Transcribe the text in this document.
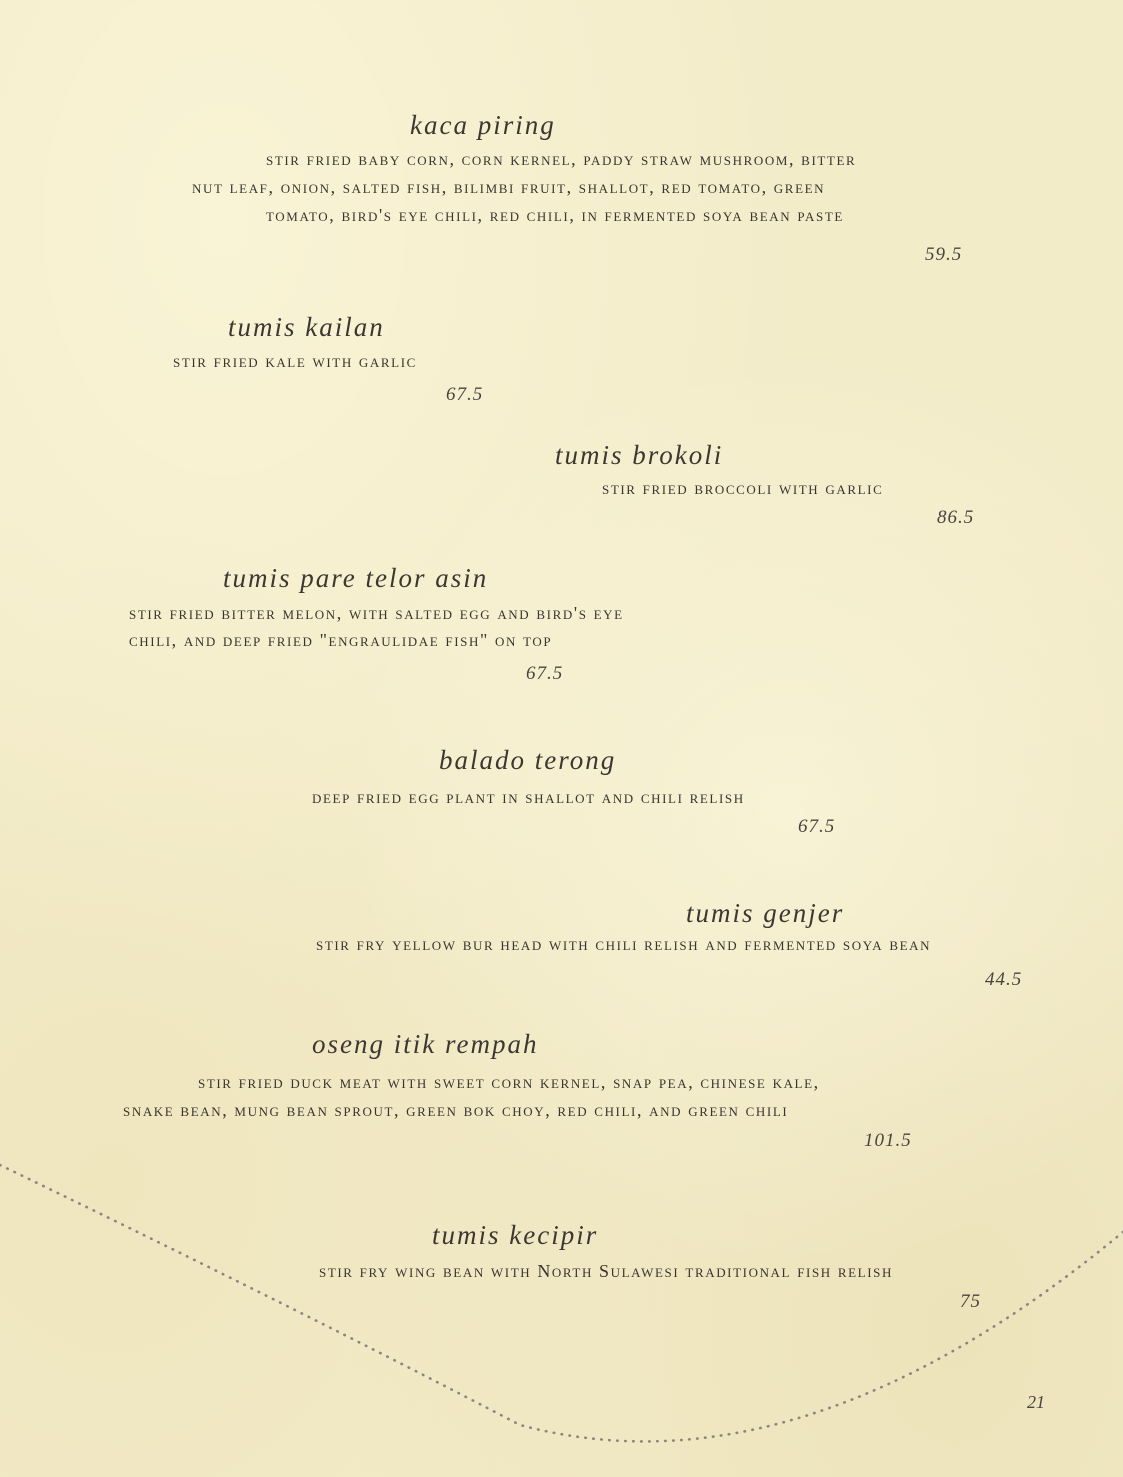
kaca piring
stir fried baby corn, corn kernel, paddy straw mushroom, bitter
nut leaf, onion, salted fish, bilimbi fruit, shallot, red tomato, green
tomato, bird's eye chili, red chili, in fermented soya bean paste
59.5
tumis kailan
stir fried kale with garlic
67.5
tumis brokoli
stir fried broccoli with garlic
86.5
tumis pare telor asin
stir fried bitter melon, with salted egg and bird's eye
chili, and deep fried "engraulidae fish" on top
67.5
balado terong
deep fried egg plant in shallot and chili relish
67.5
tumis genjer
stir fry yellow bur head with chili relish and fermented soya bean
44.5
oseng itik rempah
stir fried duck meat with sweet corn kernel, snap pea, chinese kale,
snake bean, mung bean sprout, green bok choy, red chili, and green chili
101.5
tumis kecipir
stir fry wing bean with North Sulawesi traditional fish relish
75
21
